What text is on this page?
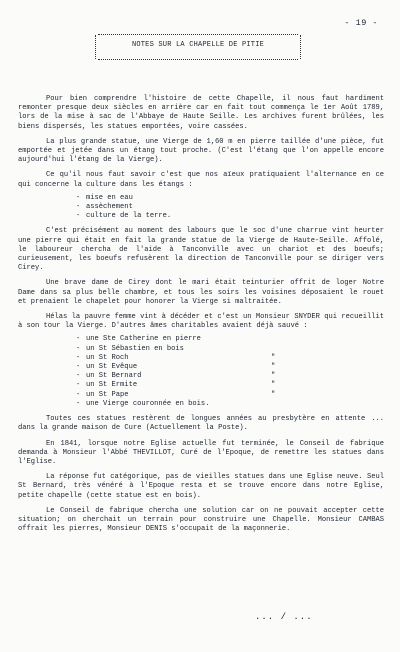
- 19 -
NOTES SUR LA CHAPELLE DE PITIE

Pour bien comprendre l'histoire de cette Chapelle, il nous faut hardiment remonter presque deux siècles en arrière car en fait tout commença le 1er Août 1789, lors de la mise à sac de l'Abbaye de Haute Seille. Les archives furent brûlées, les biens dispersés, les statues emportées, voire cassées.

La plus grande statue, une Vierge de 1,60 m en pierre taillée d'une pièce, fut emportée et jetée dans un étang tout proche. (C'est l'étang que l'on appelle encore aujourd'hui l'étang de la Vierge).

Ce qu'il nous faut savoir c'est que nos aïeux pratiquaient l'alternance en ce qui concerne la culture dans les étangs :

- mise en eau
- assèchement
- culture de la terre.

C'est précisément au moment des labours que le soc d'une charrue vint heurter une pierre qui était en fait la grande statue de la Vierge de Haute-Seille. Affolé, le laboureur chercha de l'aide à Tanconville avec un chariot et des boeufs; curieusement, les boeufs refusèrent la direction de Tanconville pour se diriger vers Cirey.

Une brave dame de Cirey dont le mari était teinturier offrit de loger Notre Dame dans sa plus belle chambre, et tous les soirs les voisines déposaient le rouet et prenaient le chapelet pour honorer la Vierge si maltraitée.

Hélas la pauvre femme vint à décéder et c'est un Monsieur SNYDER qui recueillit à son tour la Vierge. D'autres âmes charitables avaient déjà sauvé :

- une Ste Catherine en pierre
- un St Sébastien en bois
- un St Roch	"
- un St Evêque	"
- un St Bernard	"
- un St Ermite	"
- un St Pape	"
- une Vierge couronnée en bois.

Toutes ces statues restèrent de longues années au presbytère en attente ... dans la grande maison de Cure (Actuellement la Poste).

En 1841, lorsque notre Eglise actuelle fut terminée, le Conseil de fabrique demanda à Monsieur l'Abbé THEVILLOT, Curé de l'Epoque, de remettre les statues dans l'Eglise.

La réponse fut catégorique, pas de vieilles statues dans une Eglise neuve. Seul St Bernard, très vénéré à l'Epoque resta et se trouve encore dans notre Eglise, petite chapelle (cette statue est en bois).

Le Conseil de fabrique chercha une solution car on ne pouvait accepter cette situation; on cherchait un terrain pour construire une Chapelle. Monsieur CAMBAS offrait les pierres, Monsieur DENIS s'occupait de la maçonnerie.

... / ...
